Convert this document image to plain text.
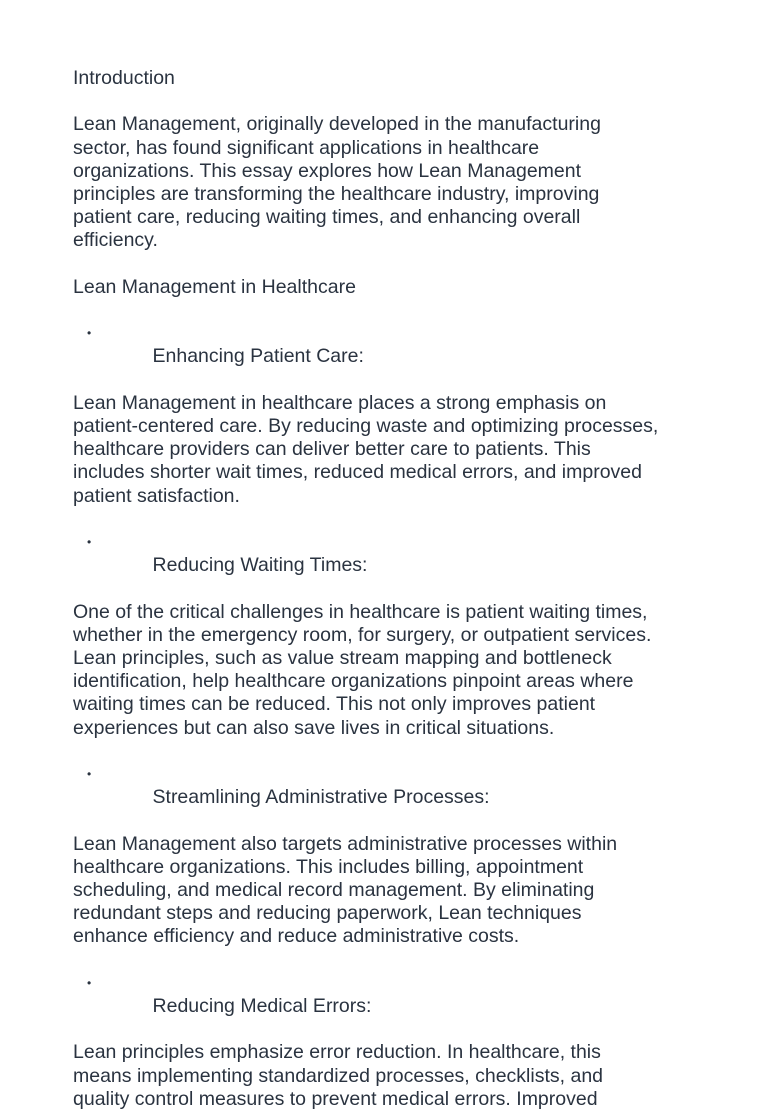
Introduction
Lean Management, originally developed in the manufacturing
sector, has found significant applications in healthcare
organizations. This essay explores how Lean Management
principles are transforming the healthcare industry, improving
patient care, reducing waiting times, and enhancing overall
efficiency.
Lean Management in Healthcare

•
Enhancing Patient Care:

Lean Management in healthcare places a strong emphasis on
patient-centered care. By reducing waste and optimizing processes,
healthcare providers can deliver better care to patients. This
includes shorter wait times, reduced medical errors, and improved
patient satisfaction.

•
Reducing Waiting Times:

One of the critical challenges in healthcare is patient waiting times,
whether in the emergency room, for surgery, or outpatient services.
Lean principles, such as value stream mapping and bottleneck
identification, help healthcare organizations pinpoint areas where
waiting times can be reduced. This not only improves patient
experiences but can also save lives in critical situations.

•
Streamlining Administrative Processes:

Lean Management also targets administrative processes within
healthcare organizations. This includes billing, appointment
scheduling, and medical record management. By eliminating
redundant steps and reducing paperwork, Lean techniques
enhance efficiency and reduce administrative costs.

•
Reducing Medical Errors:

Lean principles emphasize error reduction. In healthcare, this
means implementing standardized processes, checklists, and
quality control measures to prevent medical errors. Improved
